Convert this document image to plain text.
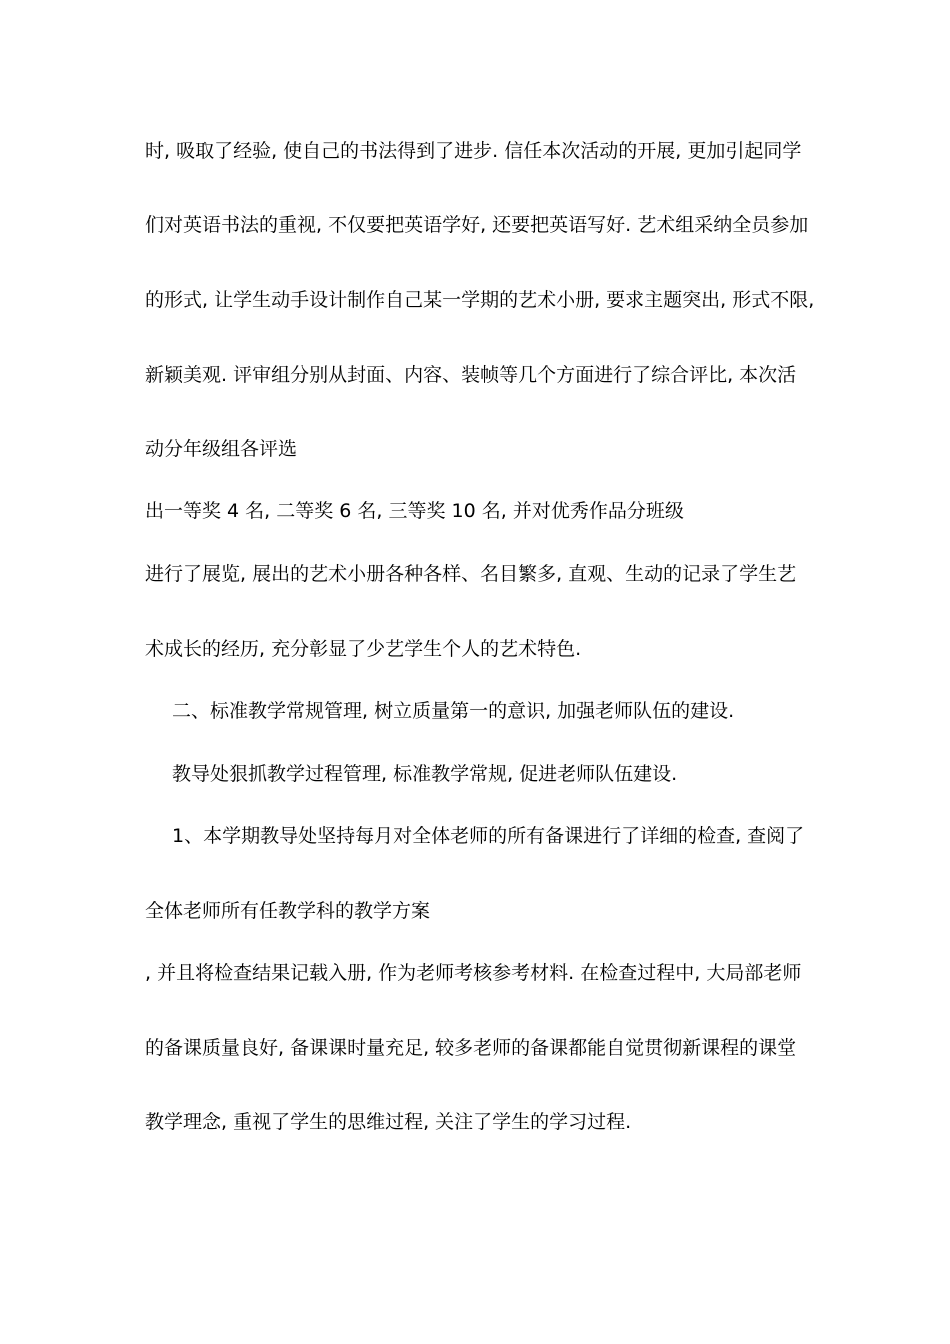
时, 吸取了经验, 使自己的书法得到了进步. 信任本次活动的开展, 更加引起同学
们对英语书法的重视, 不仅要把英语学好, 还要把英语写好. 艺术组采纳全员参加
的形式, 让学生动手设计制作自己某一学期的艺术小册, 要求主题突出, 形式不限,
新颖美观. 评审组分别从封面、内容、装帧等几个方面进行了综合评比, 本次活
动分年级组各评选
出一等奖 4 名, 二等奖 6 名, 三等奖 10 名, 并对优秀作品分班级
进行了展览, 展出的艺术小册各种各样、名目繁多, 直观、生动的记录了学生艺
术成长的经历, 充分彰显了少艺学生个人的艺术特色.
二、标准教学常规管理, 树立质量第一的意识, 加强老师队伍的建设.
教导处狠抓教学过程管理, 标准教学常规, 促进老师队伍建设.
1、本学期教导处坚持每月对全体老师的所有备课进行了详细的检查, 查阅了
全体老师所有任教学科的教学方案
, 并且将检查结果记载入册, 作为老师考核参考材料. 在检查过程中, 大局部老师
的备课质量良好, 备课课时量充足, 较多老师的备课都能自觉贯彻新课程的课堂
教学理念, 重视了学生的思维过程, 关注了学生的学习过程.
